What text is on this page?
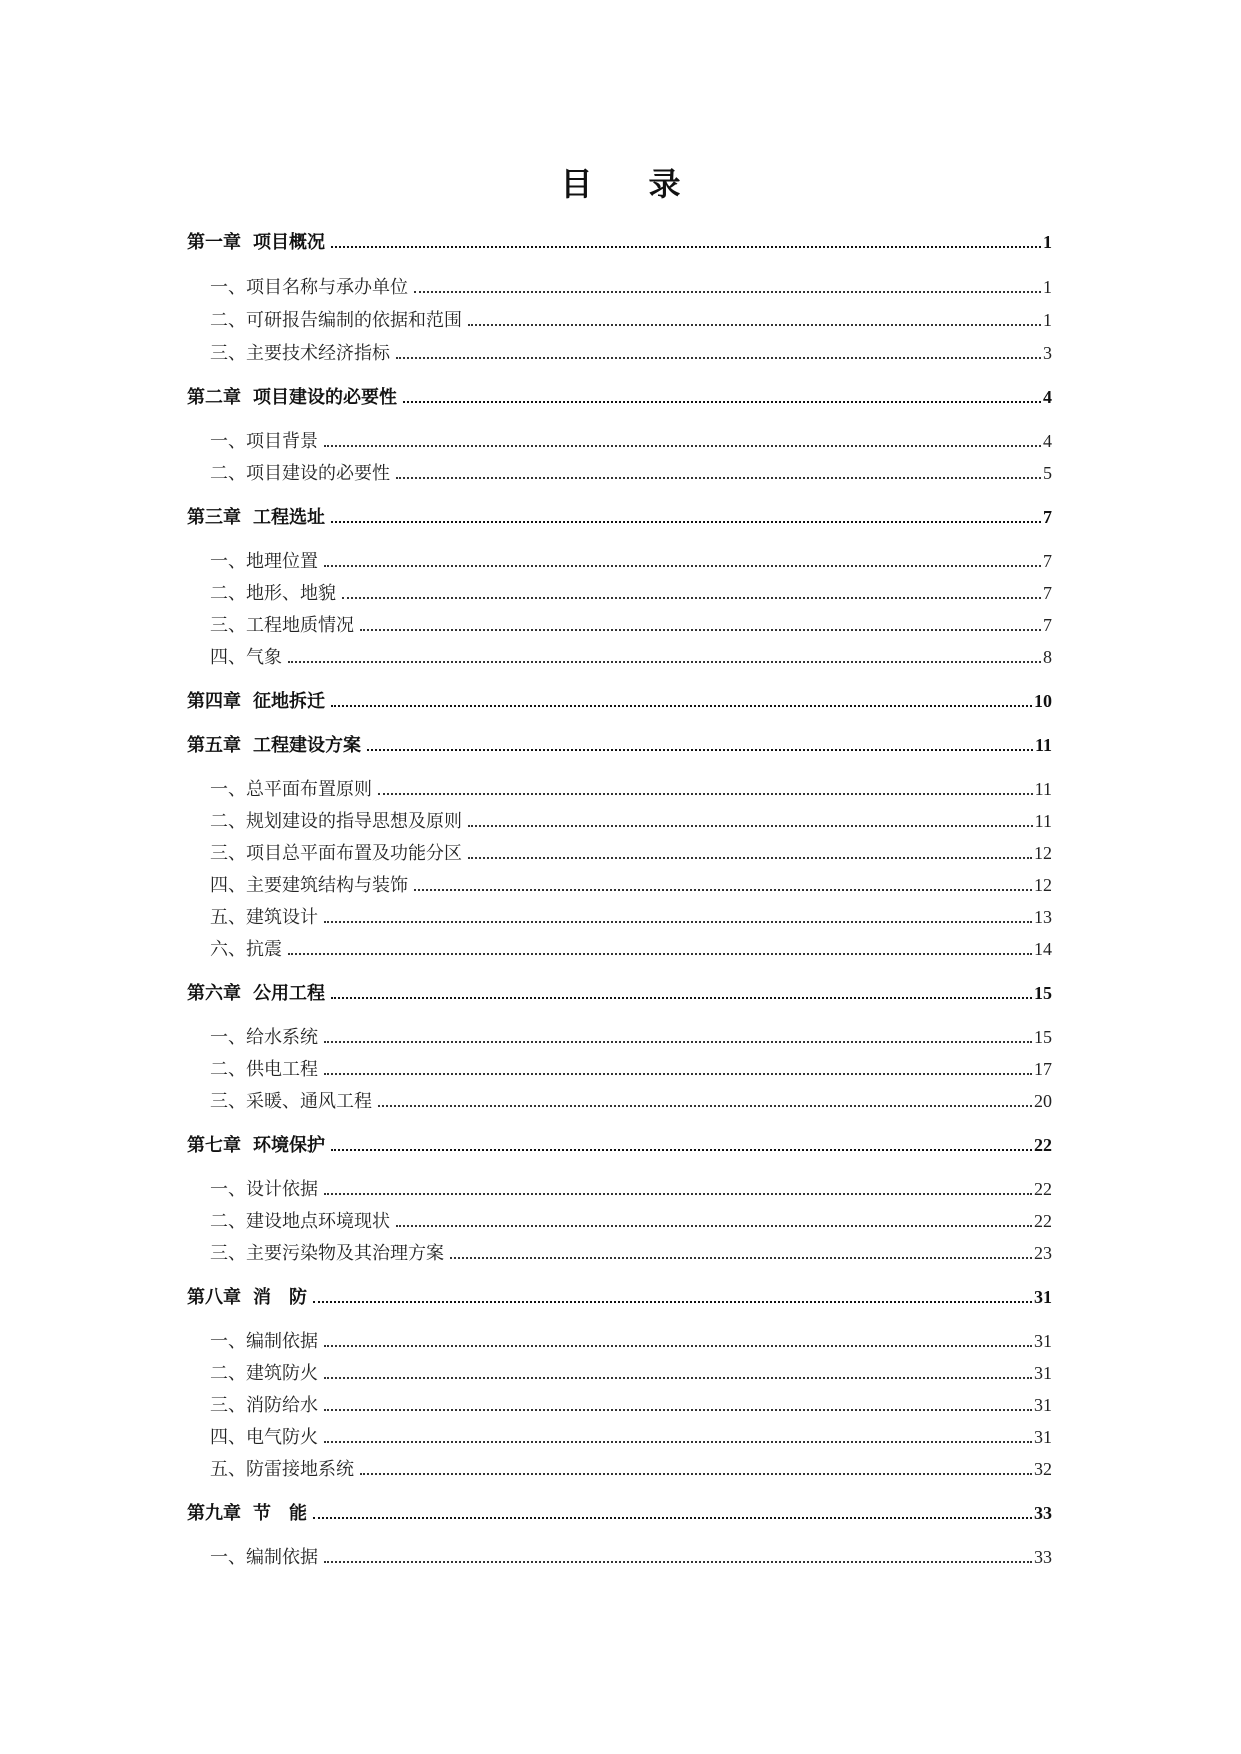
目 录
第一章 项目概况	1
一、项目名称与承办单位	1
二、可研报告编制的依据和范围	1
三、主要技术经济指标	3
第二章 项目建设的必要性	4
一、项目背景	4
二、项目建设的必要性	5
第三章 工程选址	7
一、地理位置	7
二、地形、地貌	7
三、工程地质情况	7
四、气象	8
第四章 征地拆迁	10
第五章 工程建设方案	11
一、总平面布置原则	11
二、规划建设的指导思想及原则	11
三、项目总平面布置及功能分区	12
四、主要建筑结构与装饰	12
五、建筑设计	13
六、抗震	14
第六章 公用工程	15
一、给水系统	15
二、供电工程	17
三、采暖、通风工程	20
第七章 环境保护	22
一、设计依据	22
二、建设地点环境现状	22
三、主要污染物及其治理方案	23
第八章 消　防	31
一、编制依据	31
二、建筑防火	31
三、消防给水	31
四、电气防火	31
五、防雷接地系统	32
第九章 节　能	33
一、编制依据	33
